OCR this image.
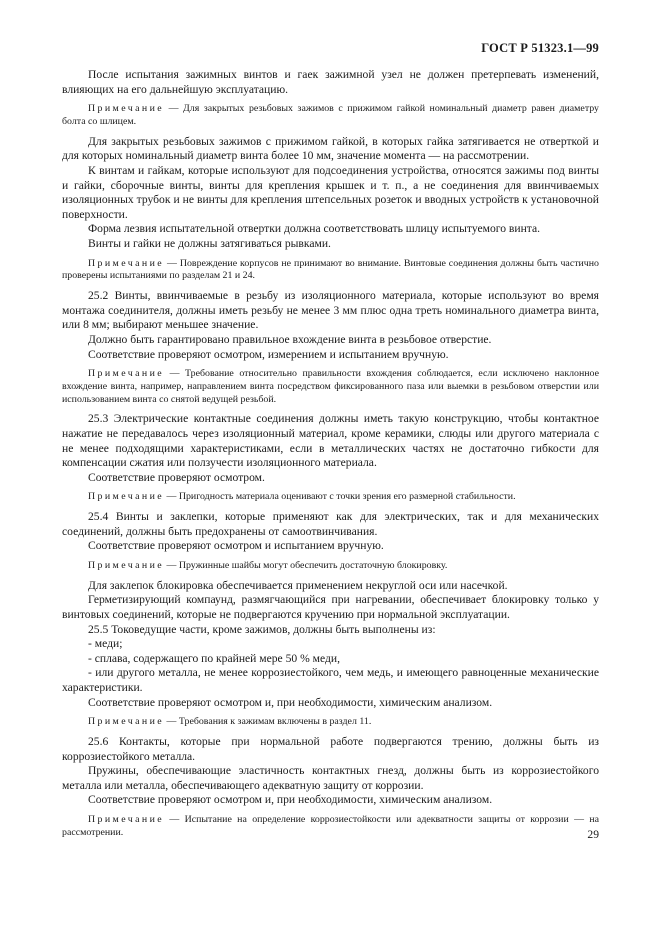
ГОСТ Р 51323.1—99

После испытания зажимных винтов и гаек зажимной узел не должен претерпевать изменений, влияющих на его дальнейшую эксплуатацию.

Примечание — Для закрытых резьбовых зажимов с прижимом гайкой номинальный диаметр равен диаметру болта со шлицем.

Для закрытых резьбовых зажимов с прижимом гайкой, в которых гайка затягивается не отверткой и для которых номинальный диаметр винта более 10 мм, значение момента — на рассмотрении.

К винтам и гайкам, которые используют для подсоединения устройства, относятся зажимы под винты и гайки, сборочные винты, винты для крепления крышек и т. п., а не соединения для ввинчиваемых изоляционных трубок и не винты для крепления штепсельных розеток и вводных устройств к установочной поверхности.

Форма лезвия испытательной отвертки должна соответствовать шлицу испытуемого винта.

Винты и гайки не должны затягиваться рывками.

Примечание — Повреждение корпусов не принимают во внимание. Винтовые соединения должны быть частично проверены испытаниями по разделам 21 и 24.

25.2 Винты, ввинчиваемые в резьбу из изоляционного материала, которые используют во время монтажа соединителя, должны иметь резьбу не менее 3 мм плюс одна треть номинального диаметра винта, или 8 мм; выбирают меньшее значение.

Должно быть гарантировано правильное вхождение винта в резьбовое отверстие.

Соответствие проверяют осмотром, измерением и испытанием вручную.

Примечание — Требование относительно правильности вхождения соблюдается, если исключено наклонное вхождение винта, например, направлением винта посредством фиксированного паза или выемки в резьбовом отверстии или использованием винта со снятой ведущей резьбой.

25.3 Электрические контактные соединения должны иметь такую конструкцию, чтобы контактное нажатие не передавалось через изоляционный материал, кроме керамики, слюды или другого материала с не менее подходящими характеристиками, если в металлических частях не достаточно гибкости для компенсации сжатия или ползучести изоляционного материала.

Соответствие проверяют осмотром.

Примечание — Пригодность материала оценивают с точки зрения его размерной стабильности.

25.4 Винты и заклепки, которые применяют как для электрических, так и для механических соединений, должны быть предохранены от самоотвинчивания.

Соответствие проверяют осмотром и испытанием вручную.

Примечание — Пружинные шайбы могут обеспечить достаточную блокировку.

Для заклепок блокировка обеспечивается применением некруглой оси или насечкой.

Герметизирующий компаунд, размягчающийся при нагревании, обеспечивает блокировку только у винтовых соединений, которые не подвергаются кручению при нормальной эксплуатации.

25.5 Токоведущие части, кроме зажимов, должны быть выполнены из:

- меди;

- сплава, содержащего по крайней мере 50 % меди,

- или другого металла, не менее коррозиестойкого, чем медь, и имеющего равноценные механические характеристики.

Соответствие проверяют осмотром и, при необходимости, химическим анализом.

Примечание — Требования к зажимам включены в раздел 11.

25.6 Контакты, которые при нормальной работе подвергаются трению, должны быть из коррозиестойкого металла.

Пружины, обеспечивающие эластичность контактных гнезд, должны быть из коррозиестойкого металла или металла, обеспечивающего адекватную защиту от коррозии.

Соответствие проверяют осмотром и, при необходимости, химическим анализом.

Примечание — Испытание на определение коррозиестойкости или адекватности защиты от коррозии — на рассмотрении.	29
